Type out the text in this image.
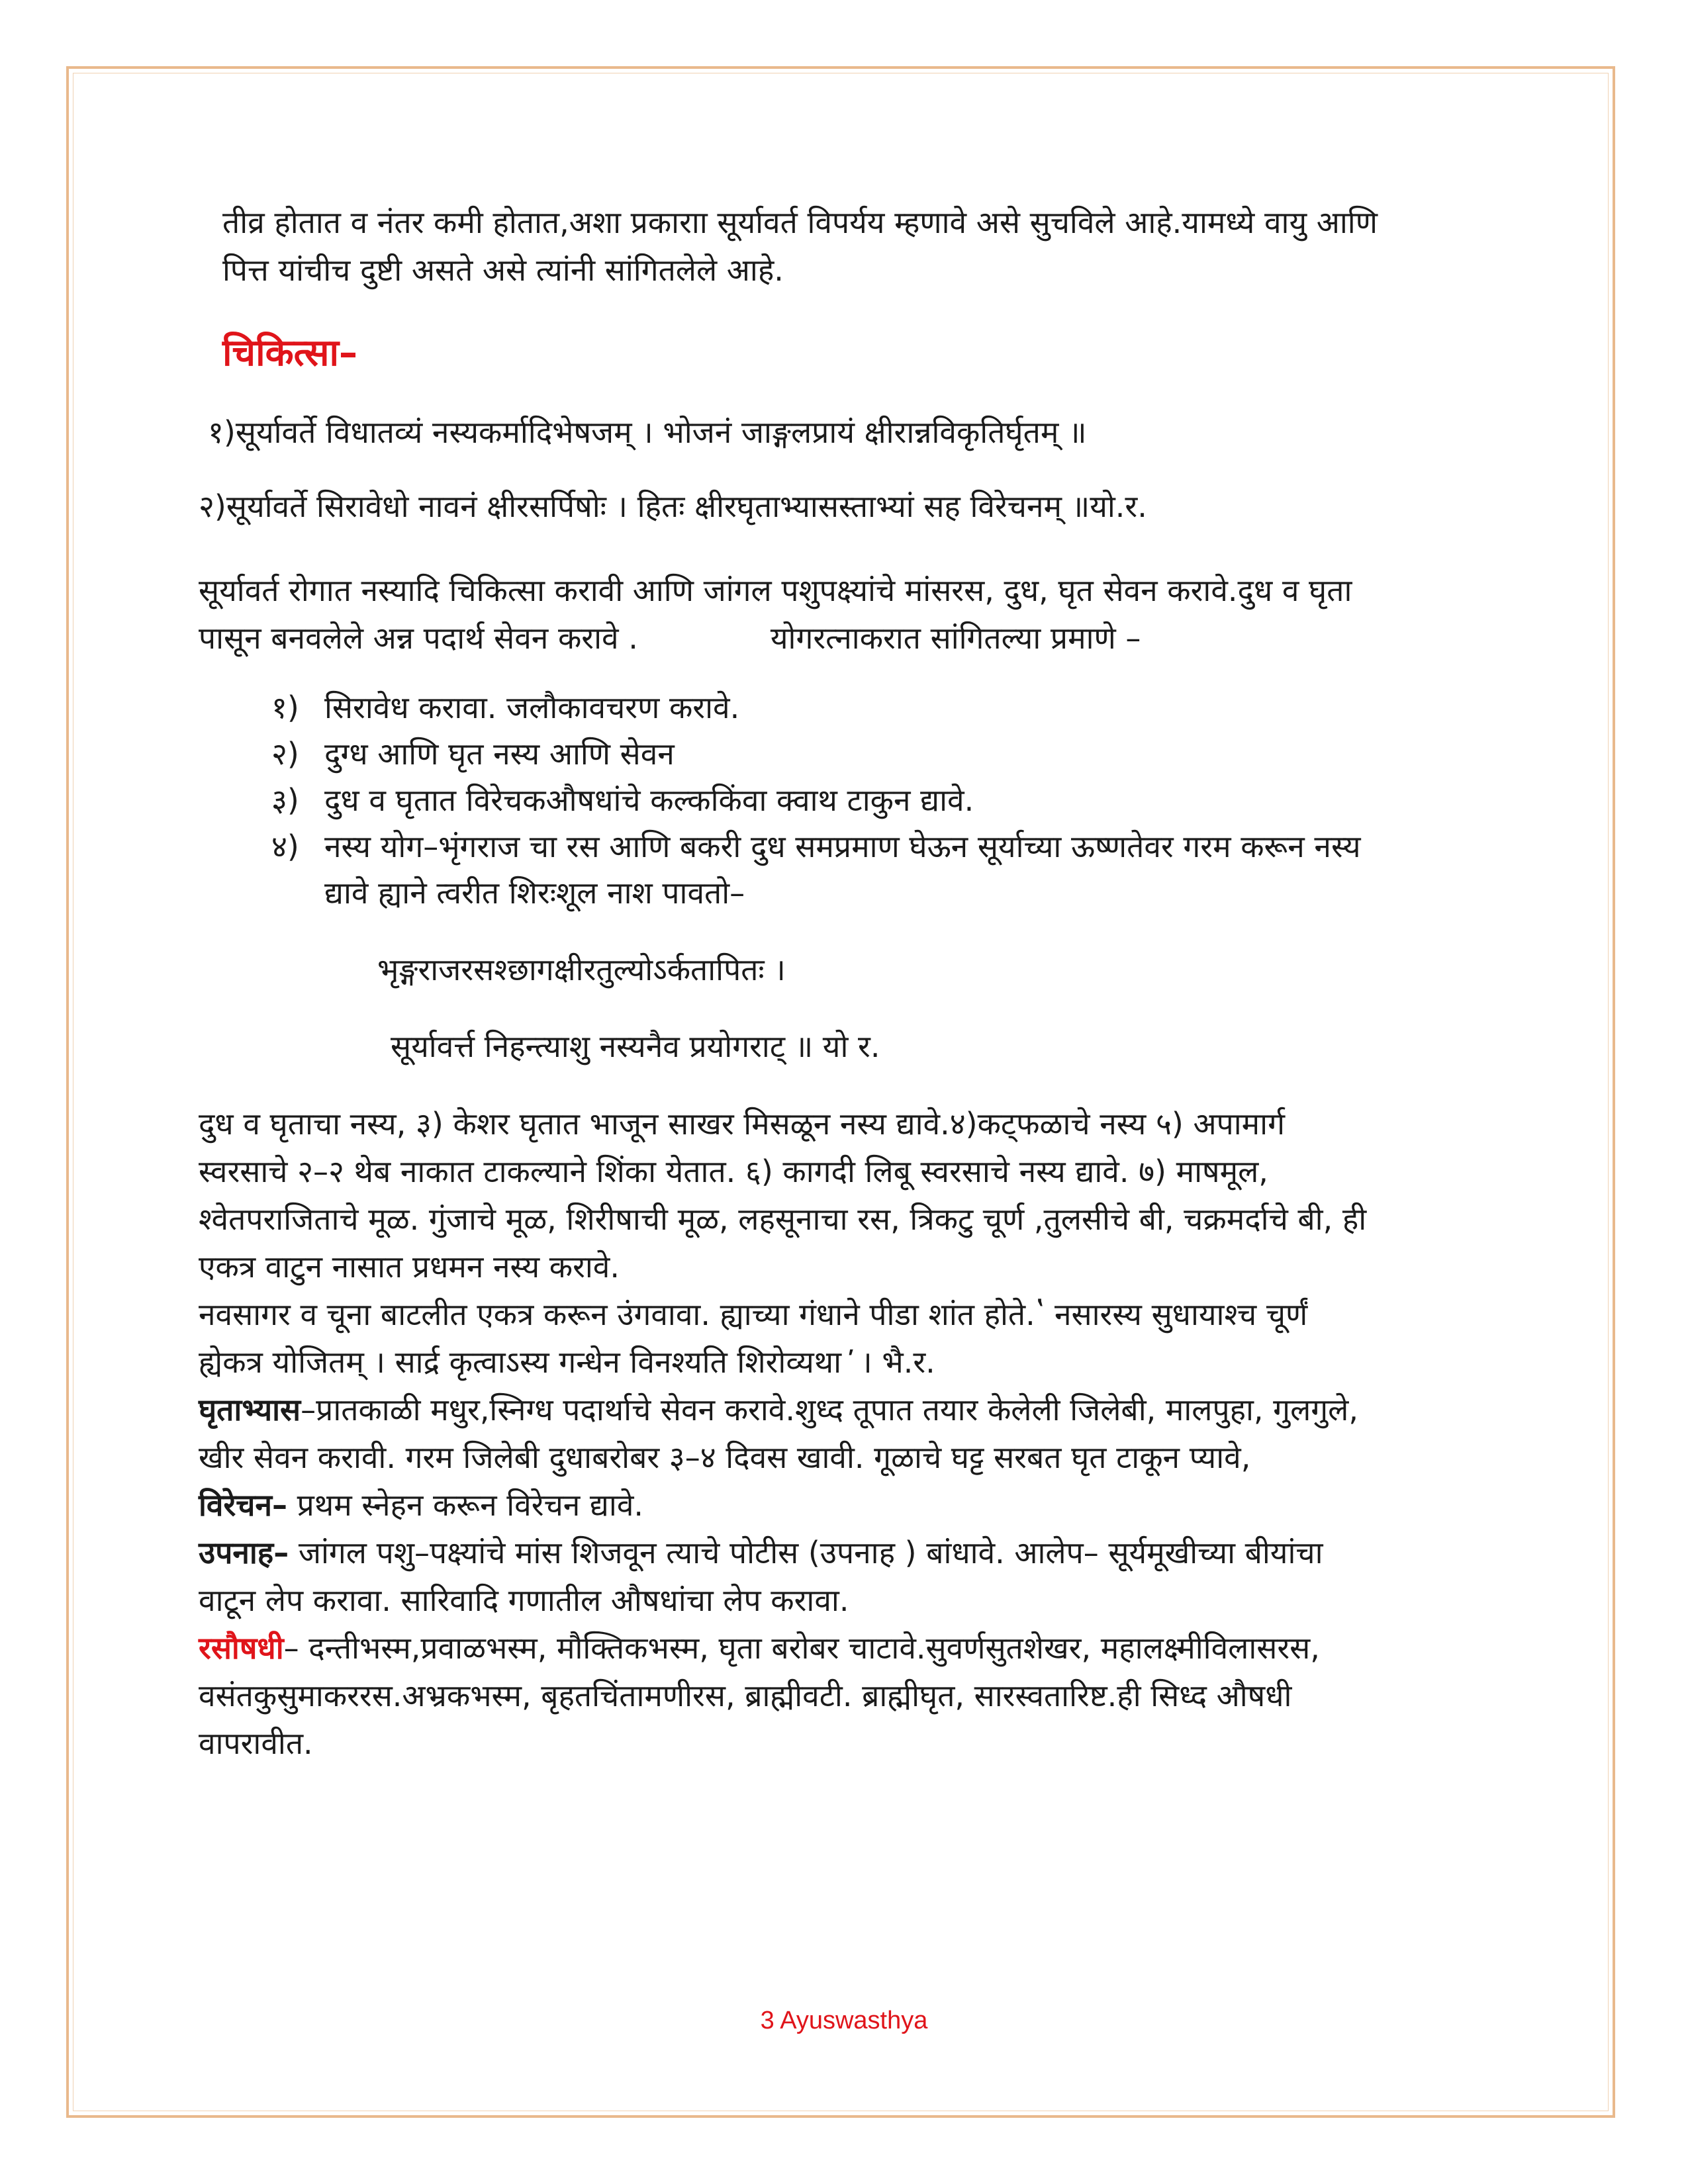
तीव्र होतात व नंतर कमी होतात,अशा प्रकाराा सूर्यावर्त विपर्यय म्हणावे असे सुचविले आहे.यामध्ये वायु आणि

पित्त यांचीच दुष्टी असते असे त्यांनी सांगितलेले आहे.

चिकित्सा–

१)सूर्यावर्ते विधातव्यं नस्यकर्मादिभेषजम् । भोजनं जाङ्गलप्रायं क्षीरान्नविकृतिर्घृतम् ॥

२)सूर्यावर्ते सिरावेधो नावनं क्षीरसर्पिषोः । हितः क्षीरघृताभ्यासस्ताभ्यां सह विरेचनम् ॥यो.र.

सूर्यावर्त रोगात नस्यादि चिकित्सा करावी आणि जांगल पशुपक्ष्यांचे मांसरस, दुध, घृत सेवन करावे.दुध व घृता

पासून बनवलेले अन्न पदार्थ सेवन करावे .	योगरत्नाकरात सांगितल्या प्रमाणे –

१) सिरावेध करावा. जलौकावचरण करावे.
२) दुग्ध आणि घृत नस्य आणि सेवन
३) दुध व घृतात विरेचकऔषधांचे कल्ककिंवा क्वाथ टाकुन द्यावे.
४) नस्य योग–भृंगराज चा रस आणि बकरी दुध समप्रमाण घेऊन सूर्याच्या ऊष्णतेवर गरम करून नस्य
द्यावे ह्याने त्वरीत शिरःशूल नाश पावतो–

भृङ्गराजरसश्छागक्षीरतुल्योऽर्कतापितः ।

सूर्यावर्त्त निहन्त्याशु नस्यनैव प्रयोगराट् ॥ यो र.

दुध व घृताचा नस्य, ३) केशर घृतात भाजून साखर मिसळून नस्य द्यावे.४)कट्फळाचे नस्य ५) अपामार्ग

स्वरसाचे २–२ थेब नाकात टाकल्याने शिंका येतात. ६) कागदी लिबू स्वरसाचे नस्य द्यावे. ७) माषमूल,

श्वेतपराजिताचे मूळ. गुंजाचे मूळ, शिरीषाची मूळ, लहसूनाचा रस, त्रिकटु चूर्ण ,तुलसीचे बी, चक्रमर्दाचे बी, ही

एकत्र वाटुन नासात प्रधमन नस्य करावे.

नवसागर व चूना बाटलीत एकत्र करून उंगवावा. ह्याच्या गंधाने पीडा शांत होते.ʽ नसारस्य सुधायाश्च चूर्णं

ह्येकत्र योजितम् । सार्द्र कृत्वाऽस्य गन्धेन विनश्यति शिरोव्यथा ̕ । भै.र.

घृताभ्यास–प्रातकाळी मधुर,स्निग्ध पदार्थाचे सेवन करावे.शुध्द तूपात तयार केलेली जिलेबी, मालपुहा, गुलगुले,

खीर सेवन करावी. गरम जिलेबी दुधाबरोबर ३–४ दिवस खावी. गूळाचे घट्ट सरबत घृत टाकून प्यावे,

विरेचन– प्रथम स्नेहन करून विरेचन द्यावे.

उपनाह– जांगल पशु–पक्ष्यांचे मांस शिजवून त्याचे पोटीस (उपनाह ) बांधावे. आलेप– सूर्यमूखीच्या बीयांचा

वाटून लेप करावा. सारिवादि गणातील औषधांचा लेप करावा.

रसौषधी– दन्तीभस्म,प्रवाळभस्म, मौक्तिकभस्म, घृता बरोबर चाटावे.सुवर्णसुतशेखर, महालक्ष्मीविलासरस,

वसंतकुसुमाकररस.अभ्रकभस्म, बृहतचिंतामणीरस, ब्राह्मीवटी. ब्राह्मीघृत, सारस्वतारिष्ट.ही सिध्द औषधी

वापरावीत.

3 Ayuswasthya
